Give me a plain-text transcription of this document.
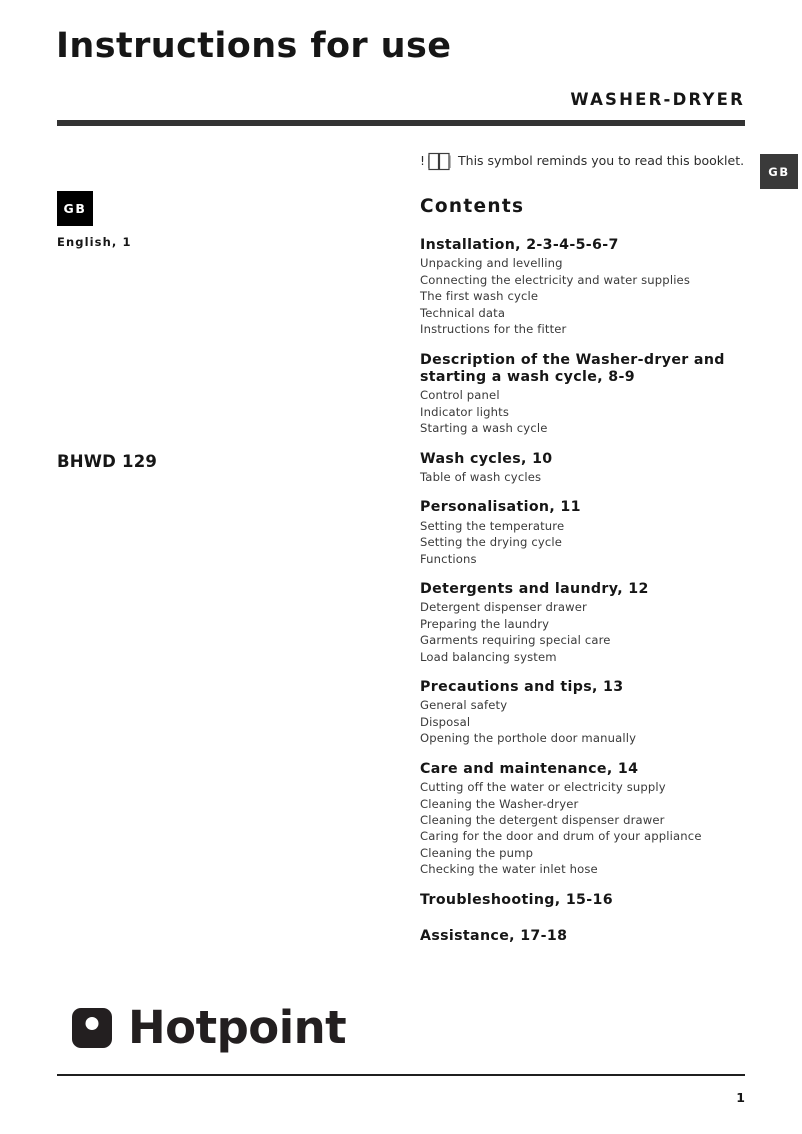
Instructions for use
WASHER-DRYER
!	This symbol reminds you to read this booklet.
GB
GB
English, 1
BHWD 129
Contents
Installation, 2-3-4-5-6-7
Unpacking and levelling
Connecting the electricity and water supplies
The first wash cycle
Technical data
Instructions for the fitter
Description of the Washer-dryer and starting a wash cycle, 8-9
Control panel
Indicator lights
Starting a wash cycle
Wash cycles, 10
Table of wash cycles
Personalisation, 11
Setting the temperature
Setting the drying cycle
Functions
Detergents and laundry, 12
Detergent dispenser drawer
Preparing the laundry
Garments requiring special care
Load balancing system
Precautions and tips, 13
General safety
Disposal
Opening the porthole door manually
Care and maintenance, 14
Cutting off the water or electricity supply
Cleaning the Washer-dryer
Cleaning the detergent dispenser drawer
Caring for the door and drum of your appliance
Cleaning the pump
Checking the water inlet hose
Troubleshooting, 15-16
Assistance, 17-18
Hotpoint
1
